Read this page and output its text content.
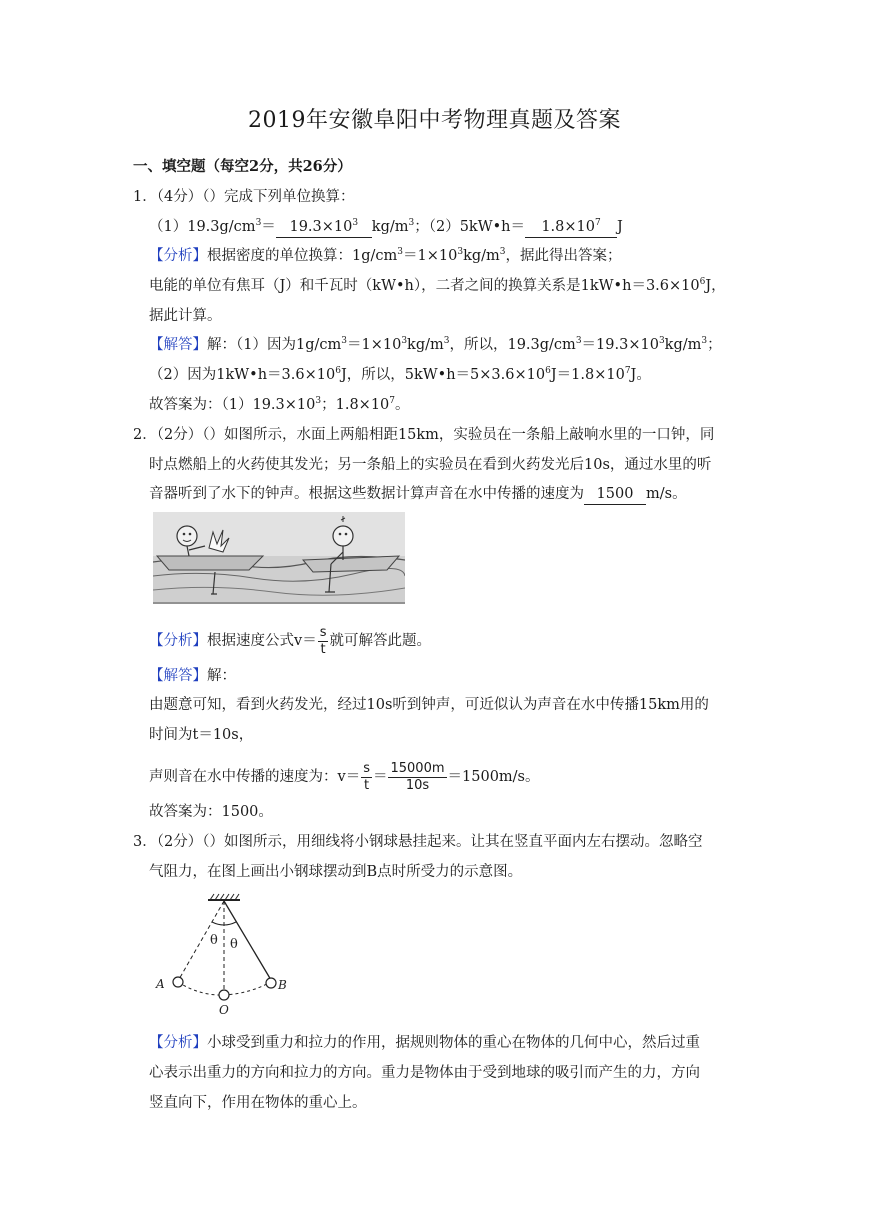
2019年安徽阜阳中考物理真题及答案
一、填空题（每空2分，共26分）
1．（4分）（）完成下列单位换算：
$(1)19.3g/cm^3= 19.3\times 10^3$ $kg/m^3$；（2）5kW•h＝ $1.8\times 10^7$ J
【分析】根据密度的单位换算：$1g/cm^3=1\times 10^3kg/m^3$，据此得出答案；
电能的单位有焦耳（J）和千瓦时（kW•h），二者之间的换算关系是$1kW•h=3.6\times 10^6J$，
据此计算。
【解答】解：（1）因为$1g/cm^3=1\times 10^3kg/m^3$，所以，$19.3g/cm^3=19.3\times 10^3kg/m^3$；
（2）因为$1kW•h=3.6\times 10^6J$，所以，$5kW•h=5\times 3.6\times 10^6J=1.8\times 10^7J$。
故答案为：$(1)19.3\times 10^3$；$1.8\times 10^7$。
2．（2分）（）如图所示，水面上两船相距15km，实验员在一条船上敲响水里的一口钟，同
时点燃船上的火药使其发光；另一条船上的实验员在看到火药发光后10s，通过水里的听
音器听到了水下的钟声。根据这些数据计算声音在水中传播的速度为 1500 m/s。
【分析】根据速度公式$v= \frac{s}{t}$ 就可解答此题。
【解答】解：
由题意可知，看到火药发光，经过10s听到钟声，可近似认为声音在水中传播15km用的
时间为t＝10s，
声则音在水中传播的速度为：$v= \frac{s}{t} = \frac{15000m}{10s} =1500m/s$。
故答案为：1500。
3．（2分）（）如图所示，用细线将小钢球悬挂起来。让其在竖直平面内左右摆动。忽略空
气阻力，在图上画出小钢球摆动到B点时所受力的示意图。
θ θ
A	B
O
【分析】小球受到重力和拉力的作用，据规则物体的重心在物体的几何中心，然后过重
心表示出重力的方向和拉力的方向。重力是物体由于受到地球的吸引而产生的力，方向
竖直向下，作用在物体的重心上。
